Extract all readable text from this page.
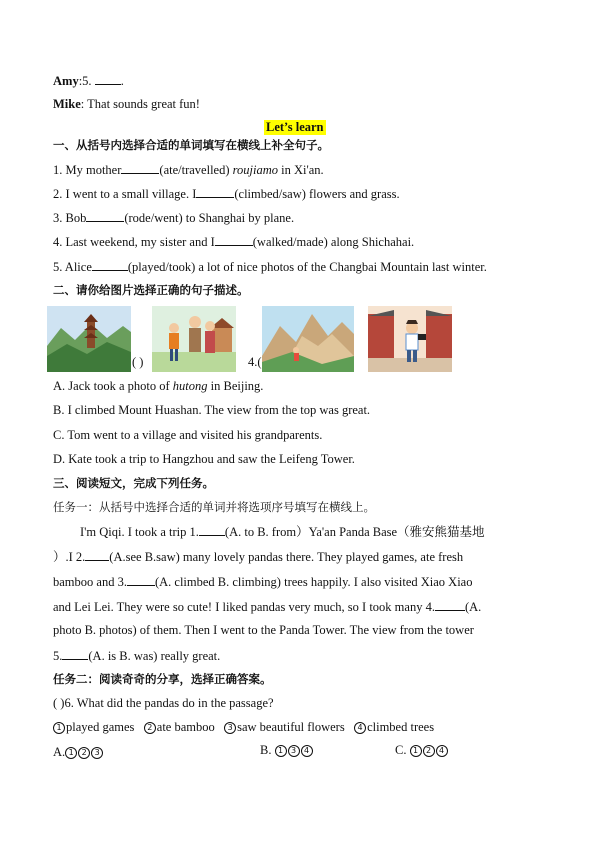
Amy:5. .
Mike: That sounds great fun!
Let’s learn
一、从括号内选择合适的单词填写在横线上补全句子。
1. My mother	(ate/travelled) roujiamo in Xi'an.
2. I went to a small village. I	(climbed/saw) flowers and grass.
3. Bob	(rode/went) to Shanghai by plane.
4. Last weekend, my sister and I	(walked/made) along Shichahai.
5. Alice	(played/took) a lot of nice photos of the Changbai Mountain last winter.
二、请你给图片选择正确的句子描述。
( )	4.(
A. Jack took a photo of hutong in Beijing.
B. I climbed Mount Huashan. The view from the top was great.
C. Tom went to a village and visited his grandparents.
D. Kate took a trip to Hangzhou and saw the Leifeng Tower.
三、阅读短文，完成下列任务。
任务一：从括号中选择合适的单词并将选项序号填写在横线上。
I'm Qiqi. I took a trip 1. (A. to B. from）Ya'an Panda Base（雅安熊猫基地
）.I 2. (A.see B.saw) many lovely pandas there. They played games, ate fresh
bamboo and 3. (A. climbed B. climbing) trees happily. I also visited Xiao Xiao
and Lei Lei. They were so cute! I liked pandas very much, so I took many 4. (A.
photo B. photos) of them. Then I went to the Panda Tower. The view from the tower
5. (A. is B. was) really great.
任务二：阅读奇奇的分享，选择正确答案。
( )6. What did the pandas do in the passage?
1 played games 2 ate bamboo 3 saw beautiful flowers 4 climbed trees
A. 1 2 3	B. 1 3 4	C. 1 2 4
